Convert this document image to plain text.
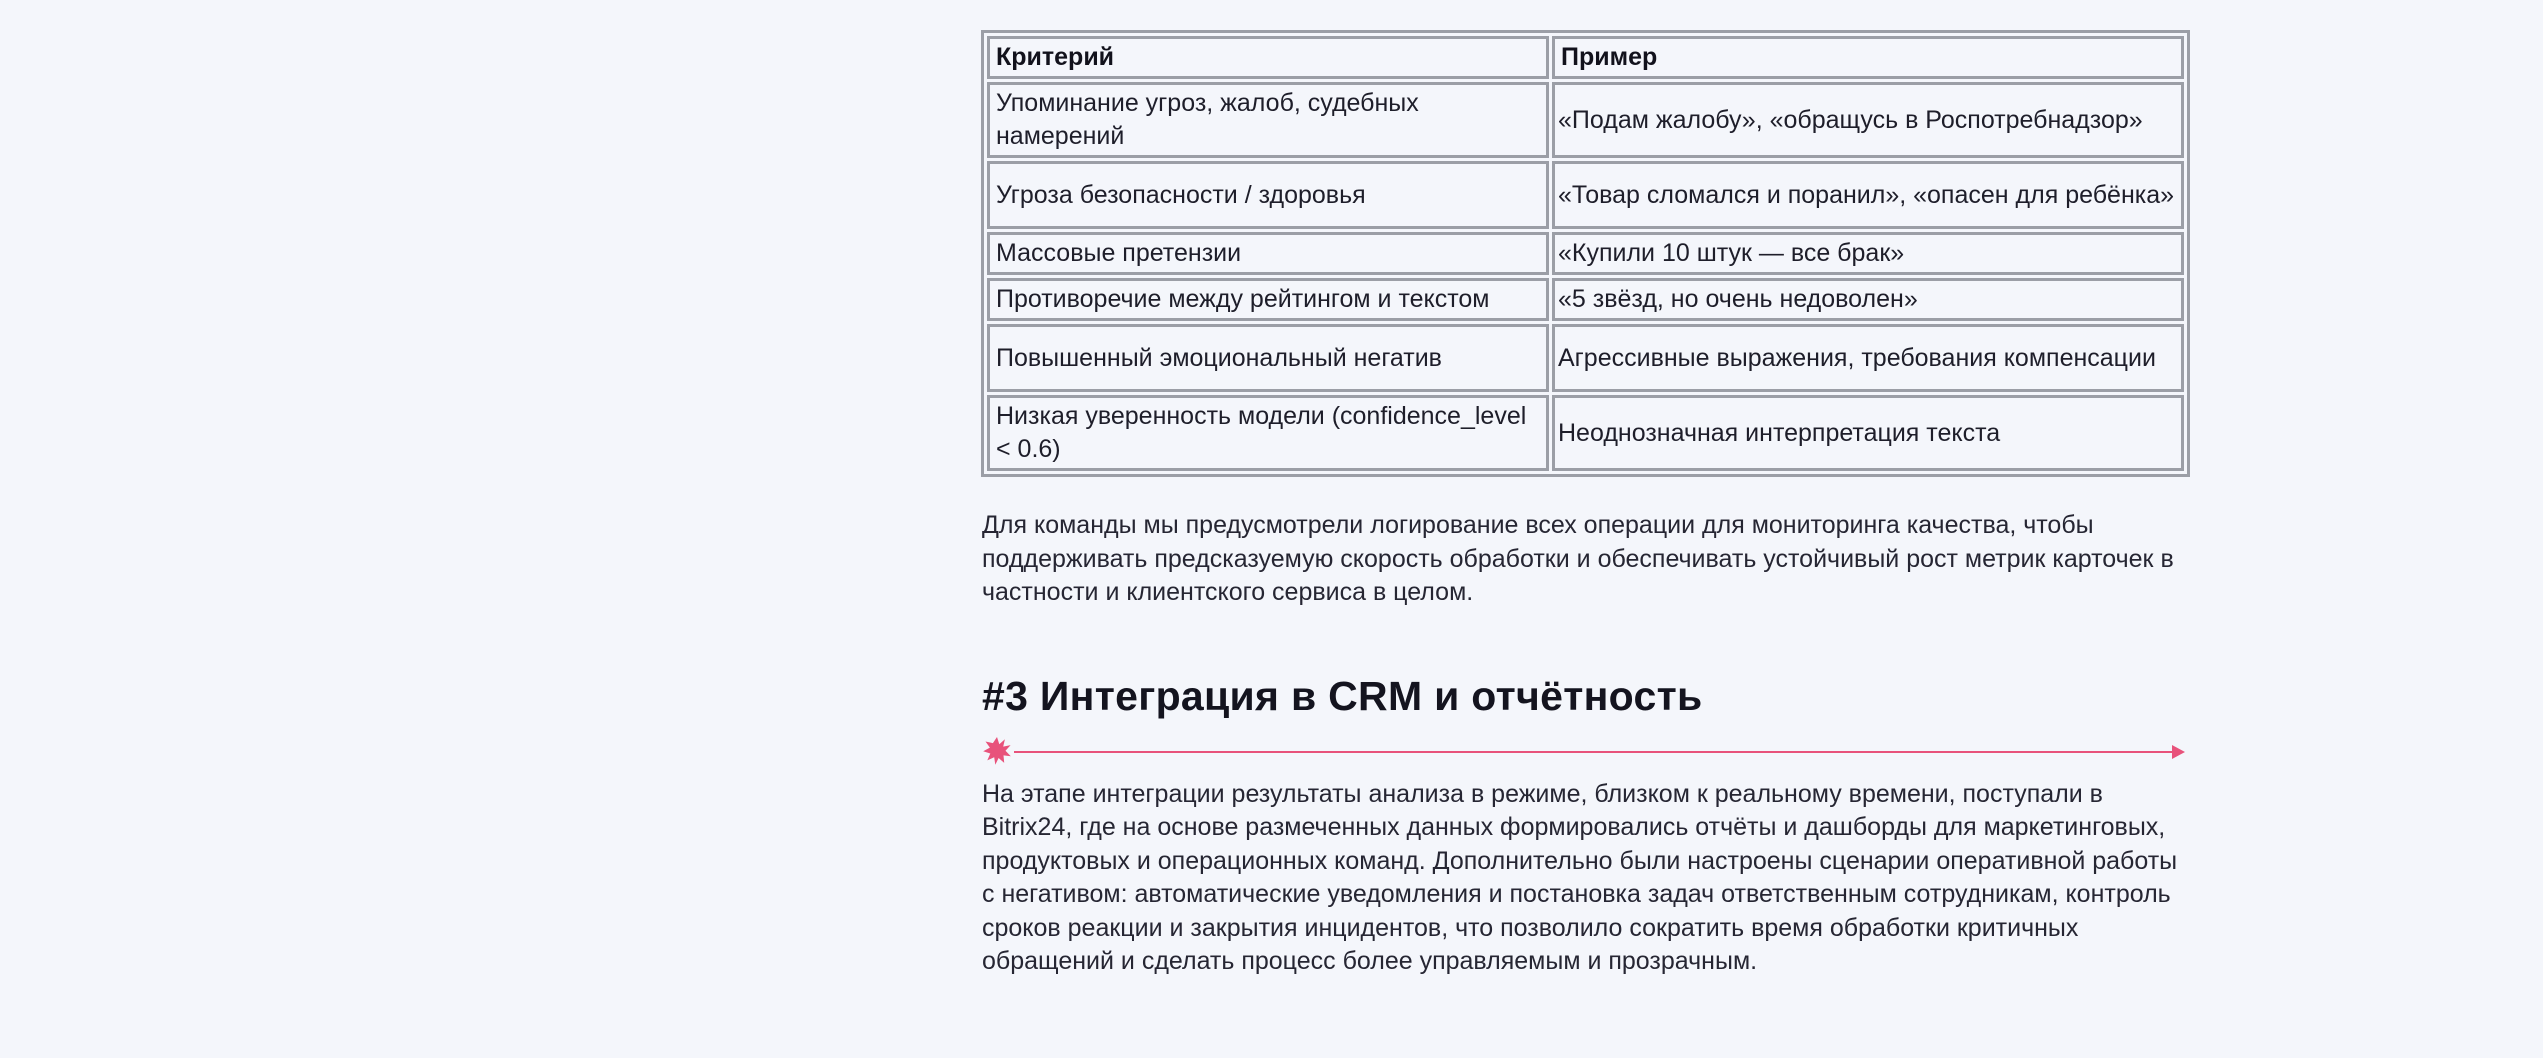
Критерий	Пример
Упоминание угроз, жалоб, судебных намерений	«Подам жалобу», «обращусь в Роспотребнадзор»
Угроза безопасности / здоровья	«Товар сломался и поранил», «опасен для ребёнка»
Массовые претензии	«Купили 10 штук — все брак»
Противоречие между рейтингом и текстом	«5 звёзд, но очень недоволен»
Повышенный эмоциональный негатив	Агрессивные выражения, требования компенсации
Низкая уверенность модели (confidence_level < 0.6)	Неоднозначная интерпретация текста

Для команды мы предусмотрели логирование всех операции для мониторинга качества, чтобы поддерживать предсказуемую скорость обработки и обеспечивать устойчивый рост метрик карточек в частности и клиентского сервиса в целом.

#3 Интеграция в CRM и отчётность

На этапе интеграции результаты анализа в режиме, близком к реальному времени, поступали в Bitrix24, где на основе размеченных данных формировались отчёты и дашборды для маркетинговых, продуктовых и операционных команд. Дополнительно были настроены сценарии оперативной работы с негативом: автоматические уведомления и постановка задач ответственным сотрудникам, контроль сроков реакции и закрытия инцидентов, что позволило сократить время обработки критичных обращений и сделать процесс более управляемым и прозрачным.
